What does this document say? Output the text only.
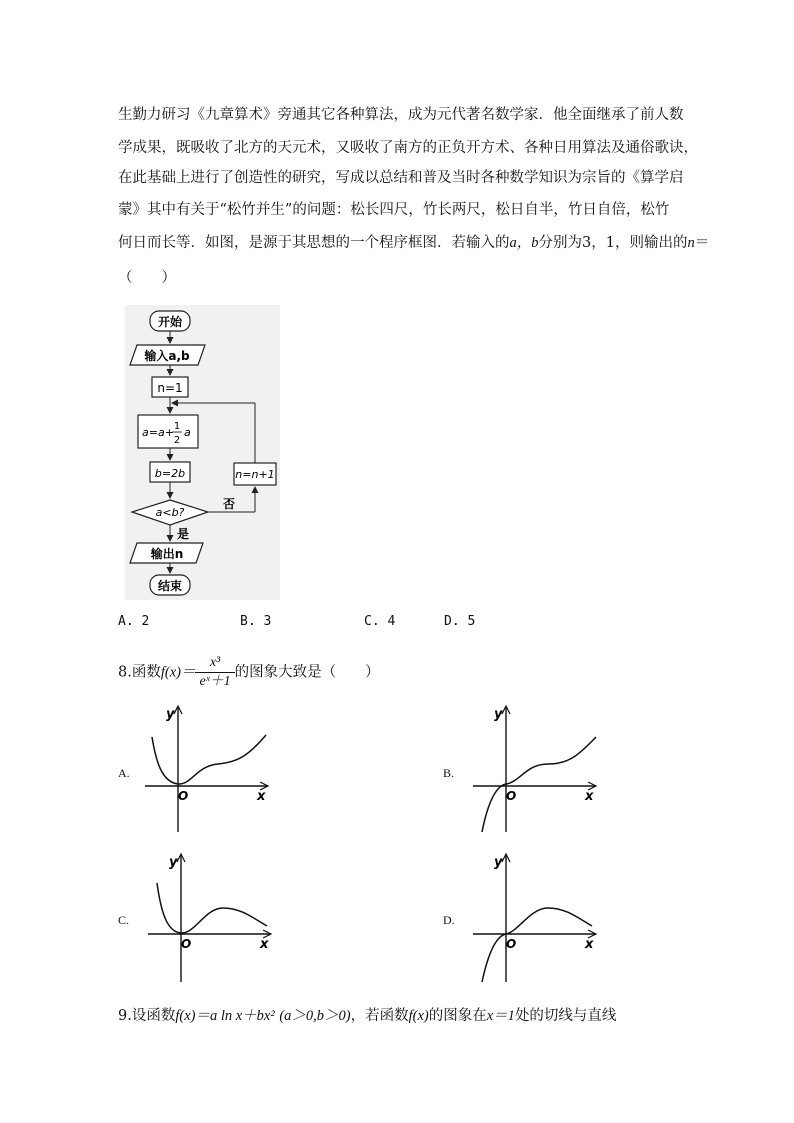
生勤力研习《九章算术》旁通其它各种算法，成为元代著名数学家．他全面继承了前人数
学成果，既吸收了北方的天元术，又吸收了南方的正负开方术、各种日用算法及通俗歌诀，
在此基础上进行了创造性的研究，写成以总结和普及当时各种数学知识为宗旨的《算学启
蒙》其中有关于“松竹并生”的问题：松长四尺，竹长两尺，松日自半，竹日自倍，松竹
何日而长等．如图，是源于其思想的一个程序框图．若输入的a，b分别为3，1，则输出的n＝
（　　）
开始
输入a,b
n=1
a=a+ 1
2
a
b=2b
a<b?
否
n=n+1
是
输出n
结束
A. 2	B. 3	C. 4	D. 5
8.函数$f(x)= \frac{\text{x³}}{\text{eˣ＋1}}$ 的图象大致是（　　）
A.
y
x
O
B.
y
x
O
C.
y
x
O
D.
y
x
O
9.设函数f(x)＝a ln x＋bx² (a＞0,b＞0)，若函数f(x)的图象在x＝1处的切线与直线
